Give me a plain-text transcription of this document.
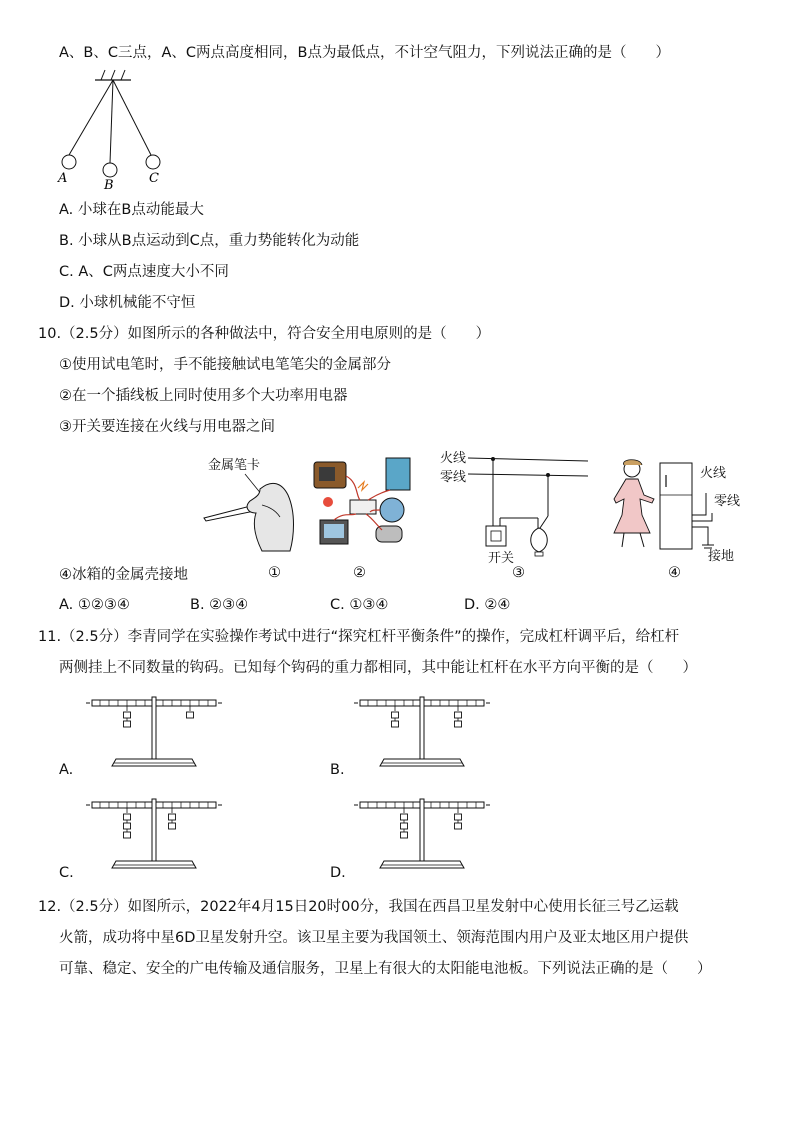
A、B、C三点，A、C两点高度相同，B点为最低点，不计空气阻力，下列说法正确的是（　　）
A	B	C
A. 小球在B点动能最大
B. 小球从B点运动到C点，重力势能转化为动能
C. A、C两点速度大小不同
D. 小球机械能不守恒
10.（2.5分）如图所示的各种做法中，符合安全用电原则的是（　　）
①使用试电笔时，手不能接触试电笔笔尖的金属部分
②在一个插线板上同时使用多个大功率用电器
③开关要连接在火线与用电器之间
金属笔卡	火线
零线
开关
火线
零线
接地
④冰箱的金属壳接地	①	②	③	④
A. ①②③④	B. ②③④	C. ①③④	D. ②④
11.（2.5分）李青同学在实验操作考试中进行“探究杠杆平衡条件”的操作，完成杠杆调平后，给杠杆
两侧挂上不同数量的钩码。已知每个钩码的重力都相同，其中能让杠杆在水平方向平衡的是（　　）
A.	B.
C.	D.
12.（2.5分）如图所示，2022年4月15日20时00分，我国在西昌卫星发射中心使用长征三号乙运载
火箭，成功将中星6D卫星发射升空。该卫星主要为我国领土、领海范围内用户及亚太地区用户提供
可靠、稳定、安全的广电传输及通信服务，卫星上有很大的太阳能电池板。下列说法正确的是（　　）
